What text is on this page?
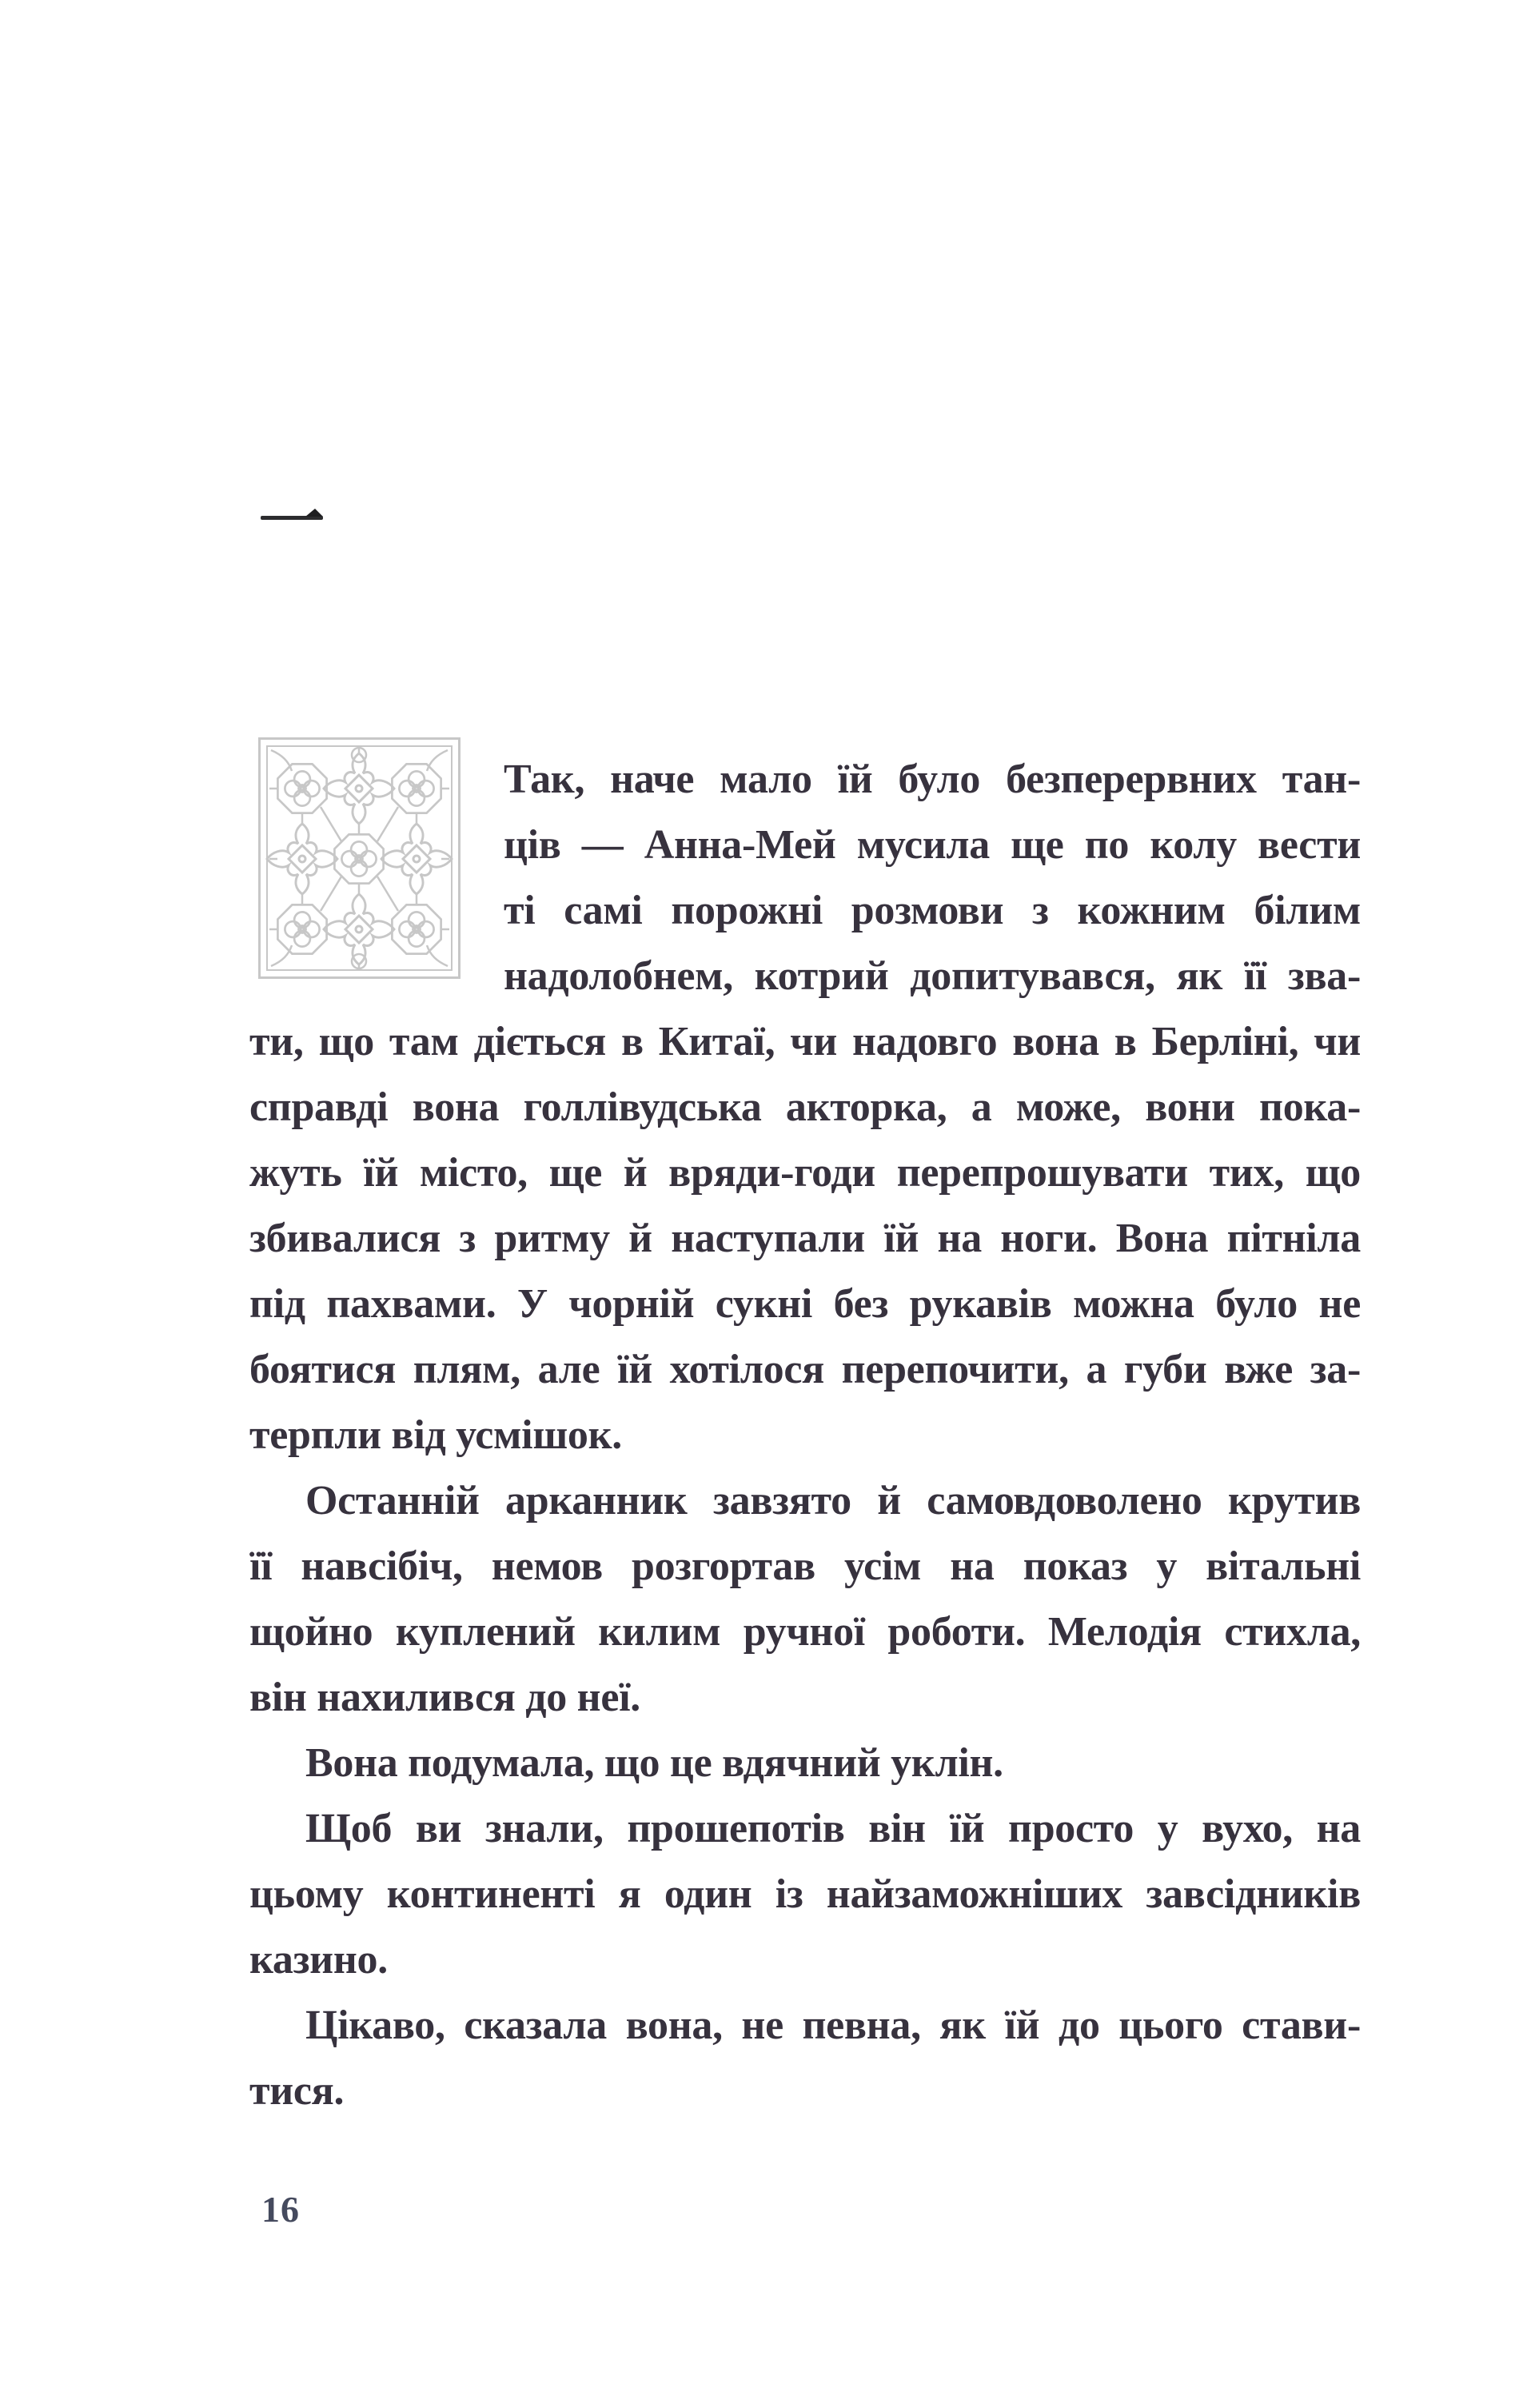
Так, наче мало їй було безперервних тан-
ців — Анна-Мей мусила ще по колу вести
ті самі порожні розмови з кожним білим
надолобнем, котрий допитувався, як її зва-
ти, що там діється в Китаї, чи надовго вона в Берліні, чи
справді вона голлівудська акторка, а може, вони пока-
жуть їй місто, ще й вряди-годи перепрошувати тих, що
збивалися з ритму й наступали їй на ноги. Вона пітніла
під пахвами. У чорній сукні без рукавів можна було не
боятися плям, але їй хотілося перепочити, а губи вже за-
терпли від усмішок.
Останній арканник завзято й самовдоволено крутив
її навсібіч, немов розгортав усім на показ у вітальні
щойно куплений килим ручної роботи. Мелодія стихла,
він нахилився до неї.
Вона подумала, що це вдячний уклін.
Щоб ви знали, прошепотів він їй просто у вухо, на
цьому континенті я один із найзаможніших завсідників
казино.
Цікаво, сказала вона, не певна, як їй до цього стави-
тися.
16
